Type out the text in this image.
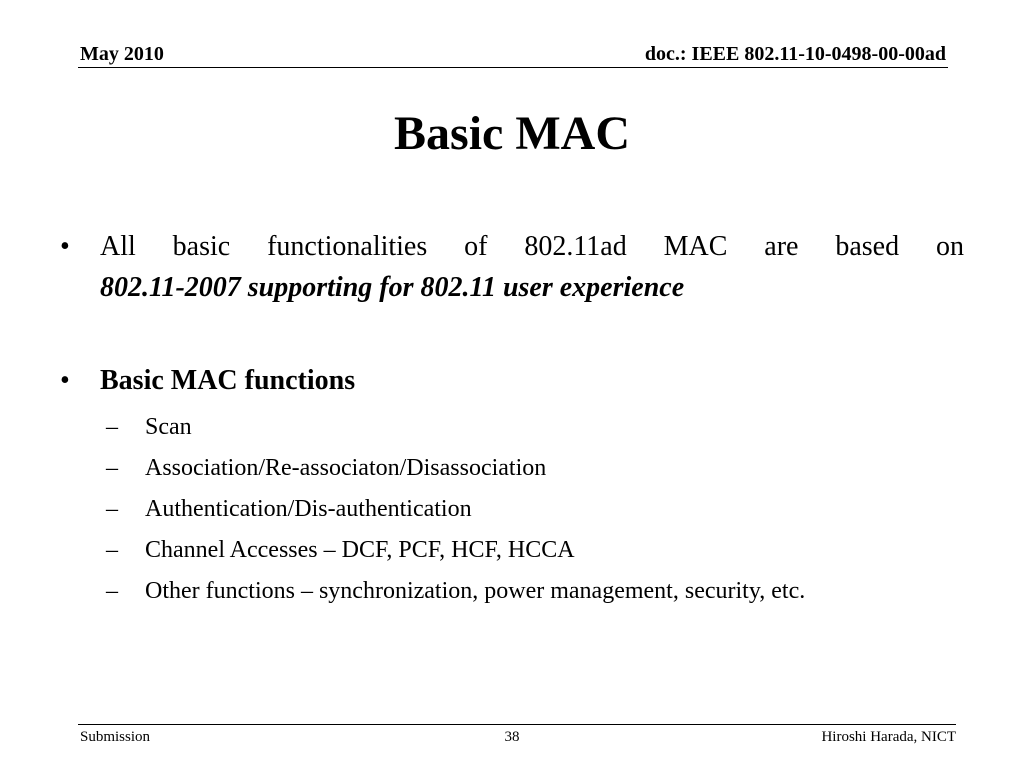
May 2010	doc.: IEEE 802.11-10-0498-00-00ad
Basic MAC
•	All basic functionalities of 802.11ad MAC are based on
802.11-2007 supporting for 802.11 user experience
•	Basic MAC functions
– Scan
– Association/Re-associaton/Disassociation
– Authentication/Dis-authentication
– Channel Accesses – DCF, PCF, HCF, HCCA
– Other functions – synchronization, power management, security, etc.
Submission	38	Hiroshi Harada, NICT
